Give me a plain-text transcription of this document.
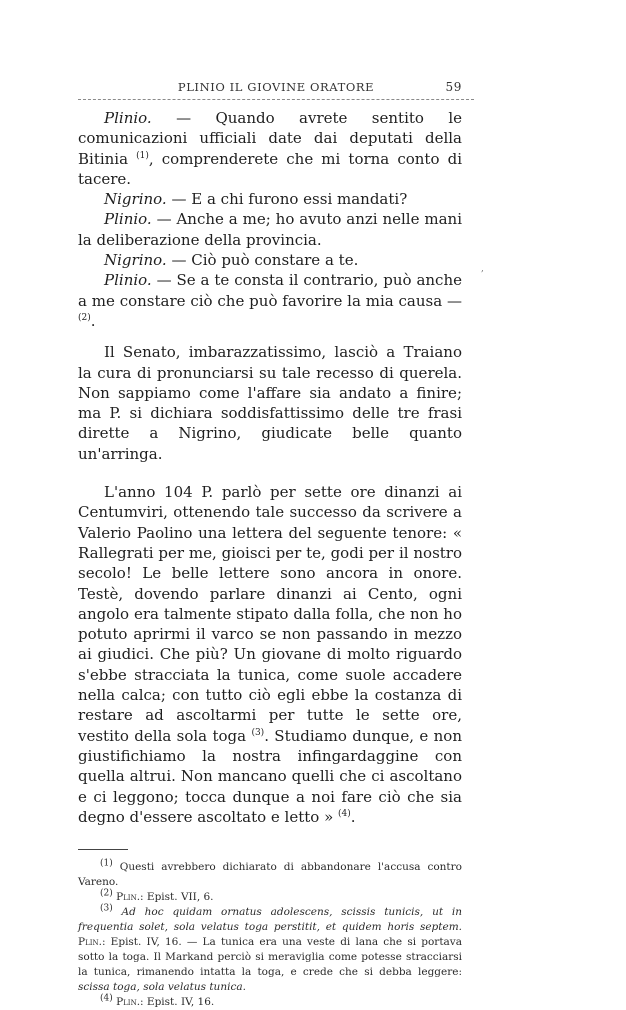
PLINIO IL GIOVINE ORATORE	59
,

Plinio. — Quando avrete sentito le comunicazioni ufficiali date dai deputati della Bitinia $^{(1)}$, comprenderete che mi torna conto di tacere.

Nigrino. — E a chi furono essi mandati?

Plinio. — Anche a me; ho avuto anzi nelle mani la deliberazione della provincia.

Nigrino. — Ciò può constare a te.

Plinio. — Se a te consta il contrario, può anche a me constare ciò che può favorire la mia causa — $^{(2)}$.

Il Senato, imbarazzatissimo, lasciò a Traiano la cura di pronunciarsi su tale recesso di querela. Non sappiamo come l'affare sia andato a finire; ma P. si dichiara soddisfattissimo delle tre frasi dirette a Nigrino, giudicate belle quanto un'arringa.

L'anno 104 P. parlò per sette ore dinanzi ai Centumviri, ottenendo tale successo da scrivere a Valerio Paolino una lettera del seguente tenore: « Rallegrati per me, gioisci per te, godi per il nostro secolo! Le belle lettere sono ancora in onore. Testè, dovendo parlare dinanzi ai Cento, ogni angolo era talmente stipato dalla folla, che non ho potuto aprirmi il varco se non passando in mezzo ai giudici. Che più? Un giovane di molto riguardo s'ebbe stracciata la tunica, come suole accadere nella calca; con tutto ciò egli ebbe la costanza di restare ad ascoltarmi per tutte le sette ore, vestito della sola toga $^{(3)}$. Studiamo dunque, e non giustifichiamo la nostra infingardaggine con quella altrui. Non mancano quelli che ci ascoltano e ci leggono; tocca dunque a noi fare ciò che sia degno d'essere ascoltato e letto » $^{(4)}$.

$^{(1)}$ Questi avrebbero dichiarato di abbandonare l'accusa contro Vareno.

$^{(2)}$ Plin.: Epist. VII, 6.

$^{(3)}$ Ad hoc quidam ornatus adolescens, scissis tunicis, ut in frequentia solet, sola velatus toga perstitit, et quidem horis septem. Plin.: Epist. IV, 16. — La tunica era una veste di lana che si portava sotto la toga. Il Markand perciò si meraviglia come potesse stracciarsi la tunica, rimanendo intatta la toga, e crede che si debba leggere: scissa toga, sola velatus tunica.

$^{(4)}$ Plin.: Epist. IV, 16.
